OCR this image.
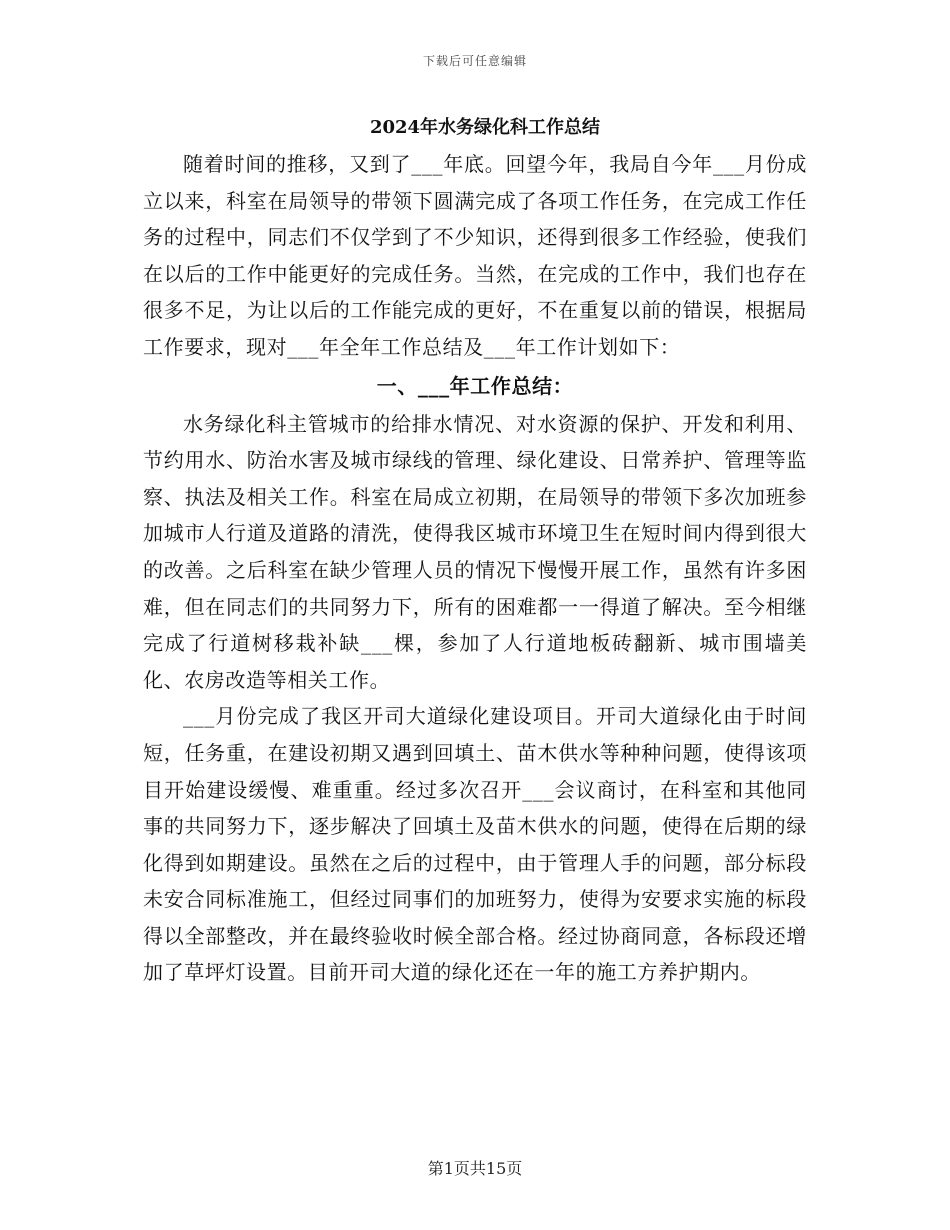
下载后可任意编辑
2024年水务绿化科工作总结

随着时间的推移，又到了___年底。回望今年，我局自今年___月份成立以来，科室在局领导的带领下圆满完成了各项工作任务，在完成工作任务的过程中，同志们不仅学到了不少知识，还得到很多工作经验，使我们在以后的工作中能更好的完成任务。当然，在完成的工作中，我们也存在很多不足，为让以后的工作能完成的更好，不在重复以前的错误，根据局工作要求，现对___年全年工作总结及___年工作计划如下：

一、___年工作总结：

水务绿化科主管城市的给排水情况、对水资源的保护、开发和利用、节约用水、防治水害及城市绿线的管理、绿化建设、日常养护、管理等监察、执法及相关工作。科室在局成立初期，在局领导的带领下多次加班参加城市人行道及道路的清洗，使得我区城市环境卫生在短时间内得到很大的改善。之后科室在缺少管理人员的情况下慢慢开展工作，虽然有许多困难，但在同志们的共同努力下，所有的困难都一一得道了解决。至今相继完成了行道树移栽补缺___棵，参加了人行道地板砖翻新、城市围墙美化、农房改造等相关工作。

___月份完成了我区开司大道绿化建设项目。开司大道绿化由于时间短，任务重，在建设初期又遇到回填土、苗木供水等种种问题，使得该项目开始建设缓慢、难重重。经过多次召开___会议商讨，在科室和其他同事的共同努力下，逐步解决了回填土及苗木供水的问题，使得在后期的绿化得到如期建设。虽然在之后的过程中，由于管理人手的问题，部分标段未安合同标准施工，但经过同事们的加班努力，使得为安要求实施的标段得以全部整改，并在最终验收时候全部合格。经过协商同意，各标段还增加了草坪灯设置。目前开司大道的绿化还在一年的施工方养护期内。

第1页共15页
